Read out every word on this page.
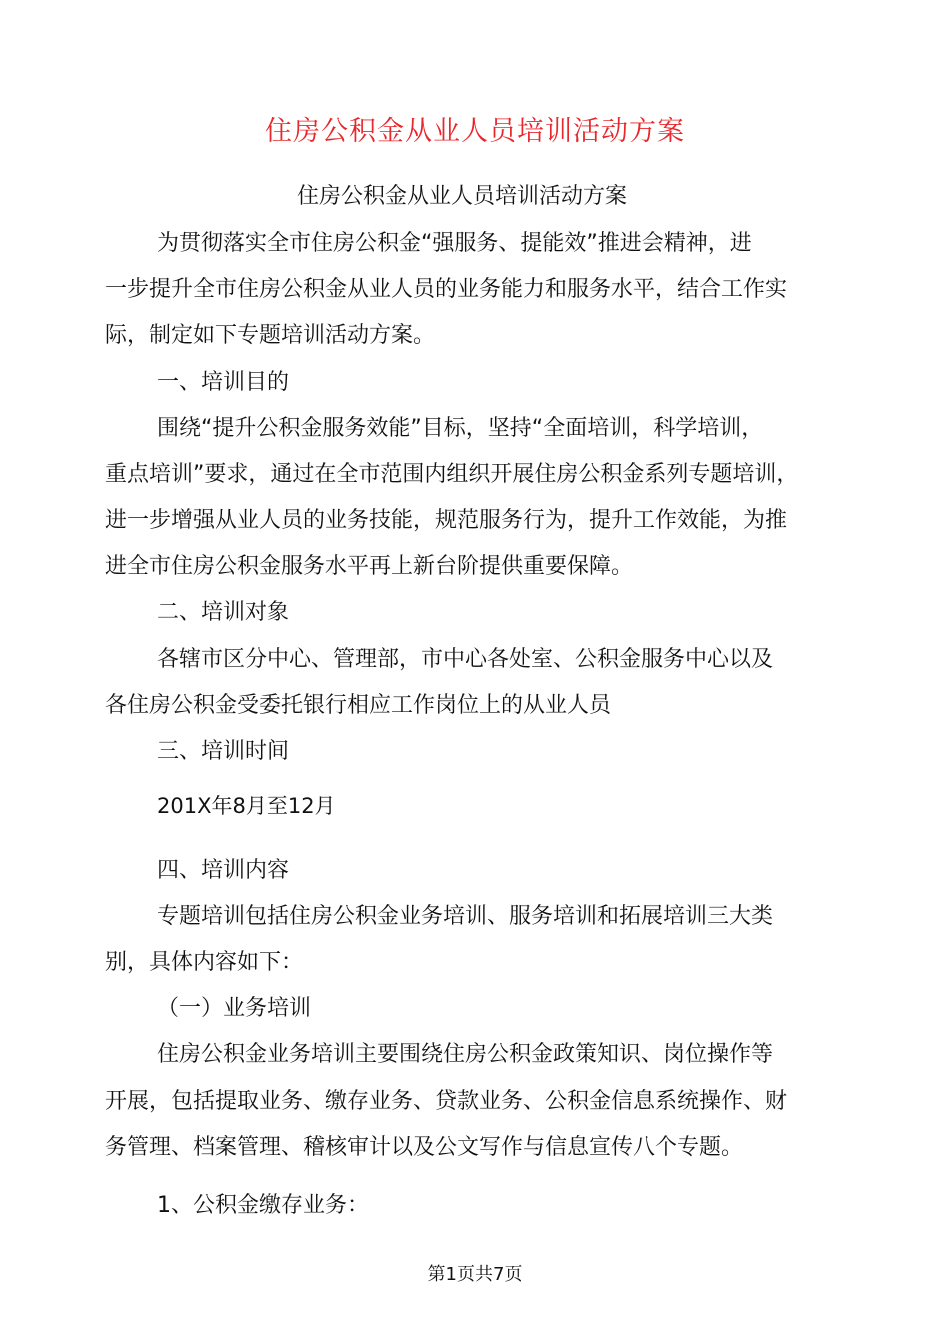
住房公积金从业人员培训活动方案
住房公积金从业人员培训活动方案
为贯彻落实全市住房公积金“强服务、提能效”推进会精神，进
一步提升全市住房公积金从业人员的业务能力和服务水平，结合工作实
际，制定如下专题培训活动方案。
一、培训目的
围绕“提升公积金服务效能”目标，坚持“全面培训，科学培训，
重点培训”要求，通过在全市范围内组织开展住房公积金系列专题培训，
进一步增强从业人员的业务技能，规范服务行为，提升工作效能，为推
进全市住房公积金服务水平再上新台阶提供重要保障。
二、培训对象
各辖市区分中心、管理部，市中心各处室、公积金服务中心以及
各住房公积金受委托银行相应工作岗位上的从业人员
三、培训时间
201X年8月至12月
四、培训内容
专题培训包括住房公积金业务培训、服务培训和拓展培训三大类
别，具体内容如下：
（一）业务培训
住房公积金业务培训主要围绕住房公积金政策知识、岗位操作等
开展，包括提取业务、缴存业务、贷款业务、公积金信息系统操作、财
务管理、档案管理、稽核审计以及公文写作与信息宣传八个专题。
1、公积金缴存业务：
第1页共7页
